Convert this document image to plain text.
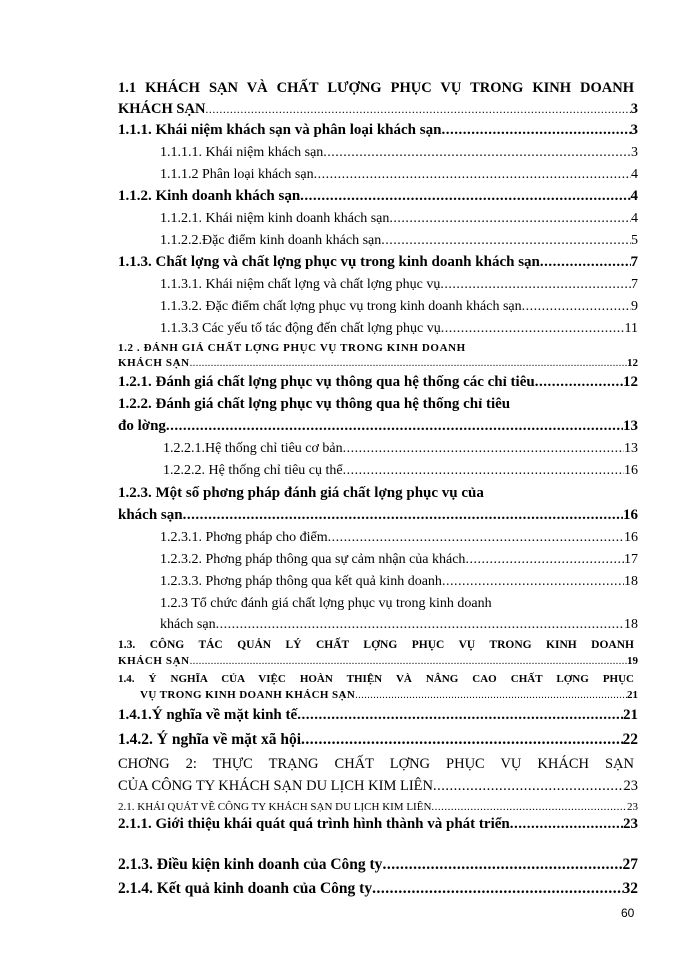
1.1 KHÁCH SẠN VÀ CHẤT LƯỢNG PHỤC VỤ TRONG KINH DOANH
KHÁCH SẠN .....	3
1.1.1. Khái niệm khách sạn và phân loại khách sạn .....	3
1.1.1.1. Khái niệm khách sạn .....	3
1.1.1.2 Phân loại khách sạn .....	4
1.1.2. Kinh doanh khách sạn .....	4
1.1.2.1. Khái niệm kinh doanh khách sạn .....	4
1.1.2.2.Đặc điểm kinh doanh khách sạn .....	5
1.1.3. Chất lợng và chất lợng phục vụ trong kinh doanh khách sạn .....	7
1.1.3.1. Khái niệm chất lợng và chất lợng phục vụ .....	7
1.1.3.2. Đặc điểm chất lợng phục vụ trong kinh doanh khách sạn .....	9
1.1.3.3 Các yếu tố tác động đến chất lợng phục vụ .....	11
1.2 . ĐÁNH GIÁ CHẤT LỢNG PHỤC VỤ TRONG KINH DOANH
KHÁCH SẠN .....	12
1.2.1. Đánh giá chất lợng phục vụ thông qua hệ thống các chỉ tiêu .....	12
1.2.2. Đánh giá chất lợng phục vụ thông qua hệ thống chỉ tiêu
đo lờng .....	13
1.2.2.1.Hệ thống chỉ tiêu cơ bản .....	13
1.2.2.2. Hệ thống chỉ tiêu cụ thể .....	16
1.2.3. Một số phơng pháp đánh giá chất lợng phục vụ của
khách sạn .....	16
1.2.3.1. Phơng pháp cho điểm .....	16
1.2.3.2. Phơng pháp thông qua sự cảm nhận của khách .....	17
1.2.3.3. Phơng pháp thông qua kết quả kinh doanh .....	18
1.2.3 Tổ chức đánh giá chất lợng phục vụ trong kinh doanh
khách sạn .....	18
1.3. CÔNG TÁC QUẢN LÝ CHẤT LỢNG PHỤC VỤ TRONG KINH DOANH
KHÁCH SẠN .....	19
1.4. Ý NGHĨA CỦA VIỆC HOÀN THIỆN VÀ NÂNG CAO CHẤT LỢNG PHỤC
VỤ TRONG KINH DOANH KHÁCH SẠN .....	21
1.4.1.Ý nghĩa về mặt kinh tế .....	21
1.4.2. Ý nghĩa về mặt xã hội .....	22
CHƠNG 2: THỰC TRẠNG CHẤT LỢNG PHỤC VỤ KHÁCH SẠN
CỦA CÔNG TY KHÁCH SẠN DU LỊCH KIM LIÊN .....	23
2.1. KHÁI QUÁT VỀ CÔNG TY KHÁCH SẠN DU LỊCH KIM LIÊN .....	23
2.1.1. Giới thiệu khái quát quá trình hình thành và phát triển .....	23
2.1.3. Điều kiện kinh doanh của Công ty .....	27
2.1.4. Kết quả kinh doanh của Công ty .....	32
60
